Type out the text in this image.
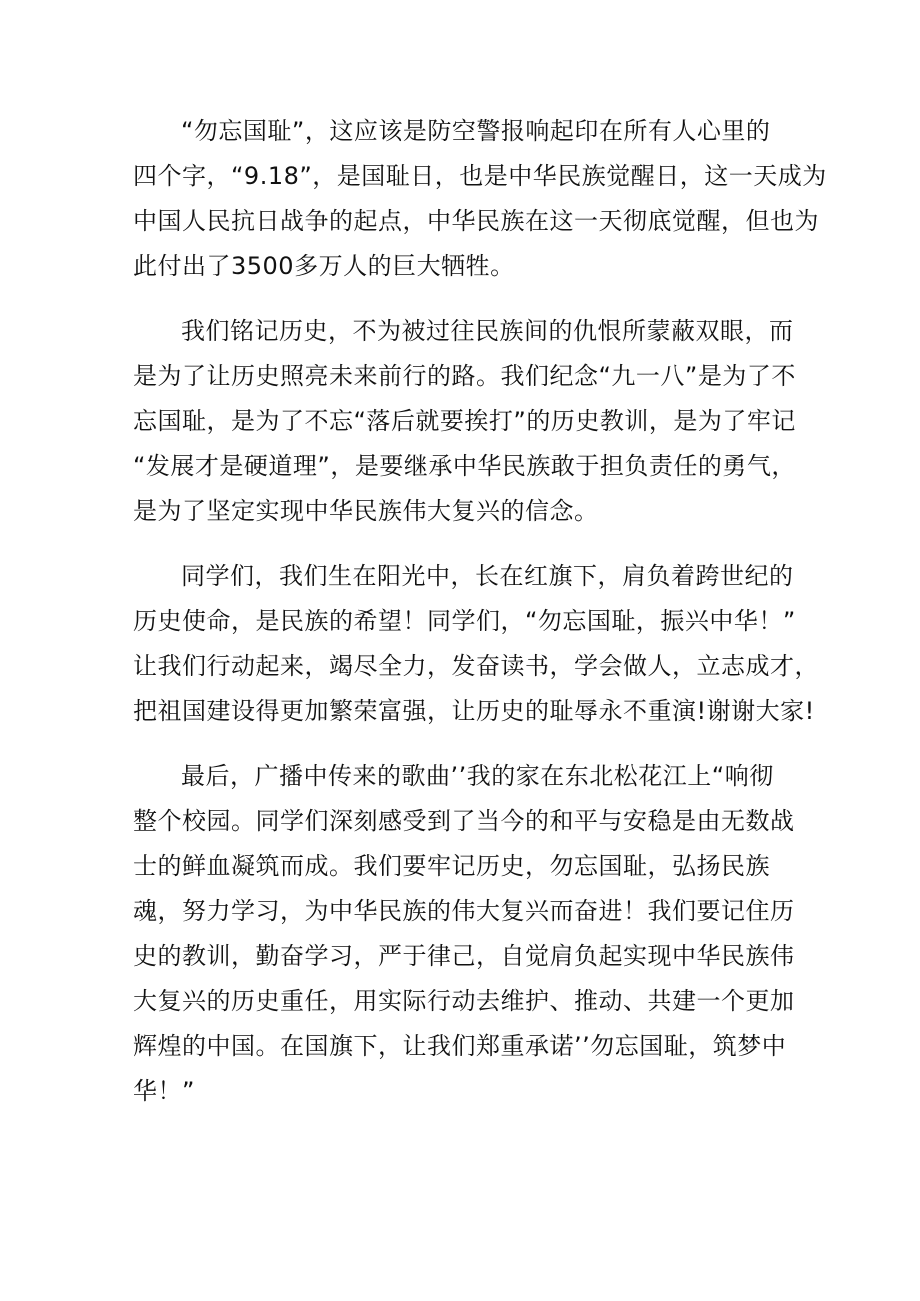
“勿忘国耻”，这应该是防空警报响起印在所有人心里的
四个字，“9.18”，是国耻日，也是中华民族觉醒日，这一天成为
中国人民抗日战争的起点，中华民族在这一天彻底觉醒，但也为
此付出了3500多万人的巨大牺牲。
我们铭记历史，不为被过往民族间的仇恨所蒙蔽双眼，而
是为了让历史照亮未来前行的路。我们纪念“九一八”是为了不
忘国耻，是为了不忘“落后就要挨打”的历史教训，是为了牢记
“发展才是硬道理”，是要继承中华民族敢于担负责任的勇气，
是为了坚定实现中华民族伟大复兴的信念。
同学们，我们生在阳光中，长在红旗下，肩负着跨世纪的
历史使命，是民族的希望！同学们，“勿忘国耻，振兴中华！”
让我们行动起来，竭尽全力，发奋读书，学会做人，立志成才，
把祖国建设得更加繁荣富强，让历史的耻辱永不重演!谢谢大家!
最后，广播中传来的歌曲’’我的家在东北松花江上“响彻
整个校园。同学们深刻感受到了当今的和平与安稳是由无数战
士的鲜血凝筑而成。我们要牢记历史，勿忘国耻，弘扬民族
魂，努力学习，为中华民族的伟大复兴而奋进！我们要记住历
史的教训，勤奋学习，严于律己，自觉肩负起实现中华民族伟
大复兴的历史重任，用实际行动去维护、推动、共建一个更加
辉煌的中国。在国旗下，让我们郑重承诺’’勿忘国耻，筑梦中
华！”
